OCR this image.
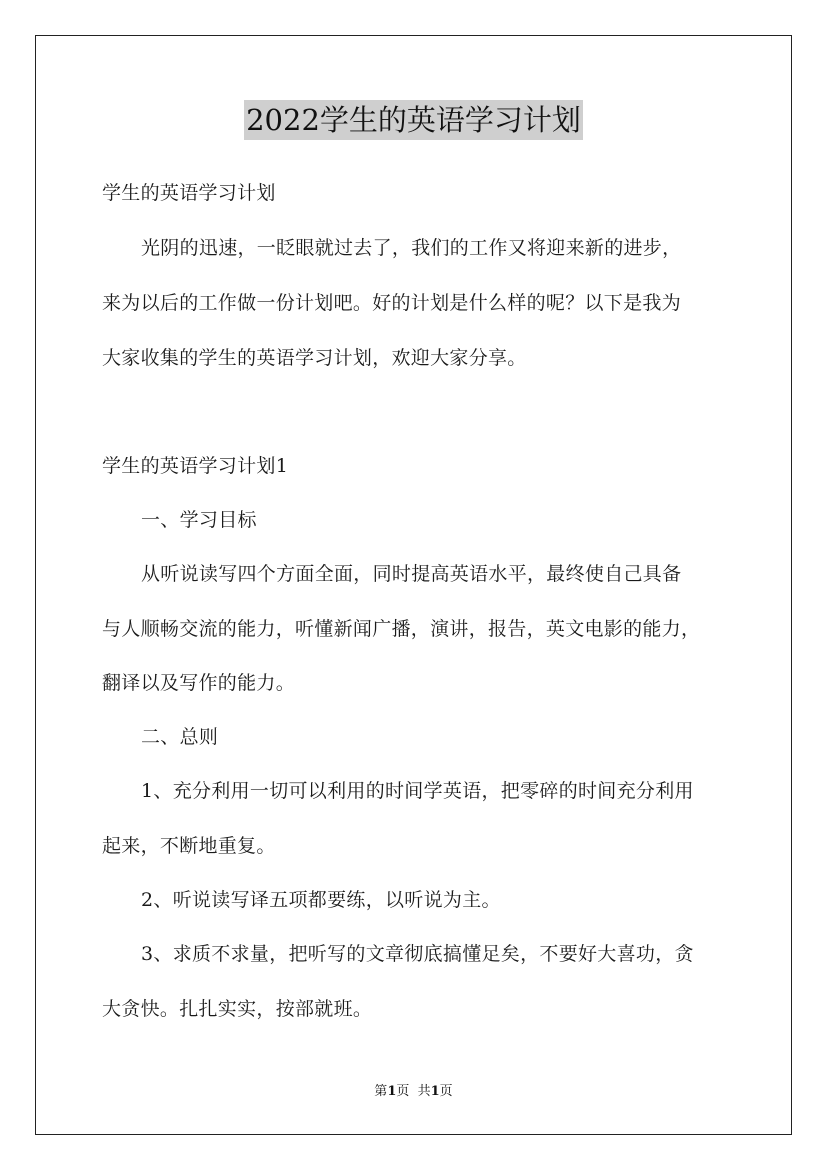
2022学生的英语学习计划
学生的英语学习计划
光阴的迅速，一眨眼就过去了，我们的工作又将迎来新的进步，
来为以后的工作做一份计划吧。好的计划是什么样的呢？以下是我为
大家收集的学生的英语学习计划，欢迎大家分享。
学生的英语学习计划1
一、学习目标
从听说读写四个方面全面，同时提高英语水平，最终使自己具备
与人顺畅交流的能力，听懂新闻广播，演讲，报告，英文电影的能力，
翻译以及写作的能力。
二、总则
1、充分利用一切可以利用的时间学英语，把零碎的时间充分利用
起来，不断地重复。
2、听说读写译五项都要练，以听说为主。
3、求质不求量，把听写的文章彻底搞懂足矣，不要好大喜功，贪
大贪快。扎扎实实，按部就班。
第1页  共1页
